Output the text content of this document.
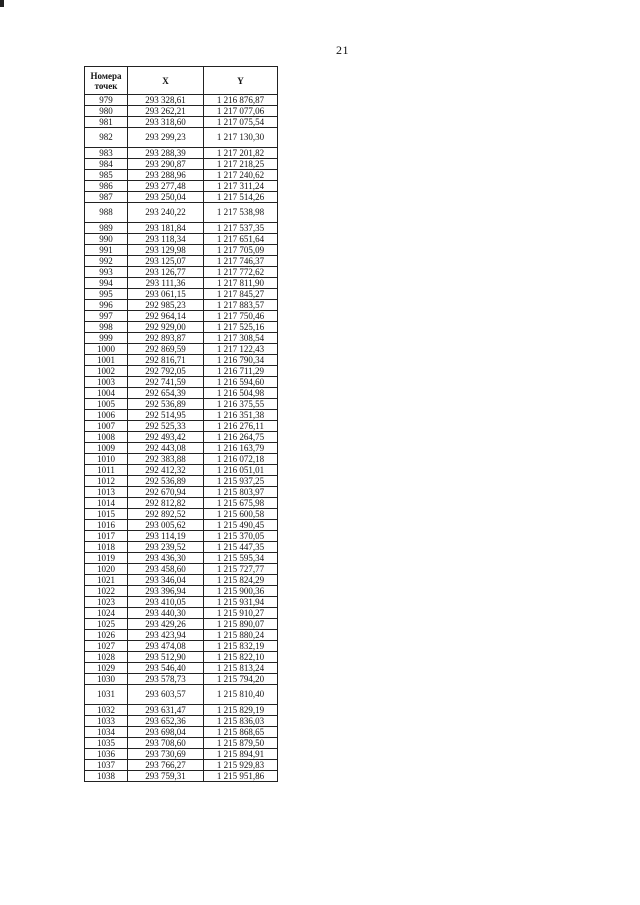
21
Номера точек	X	Y
979	293 328,61	1 216 876,87
980	293 262,21	1 217 077,06
981	293 318,60	1 217 075,54
982	293 299,23	1 217 130,30
983	293 288,39	1 217 201,82
984	293 290,87	1 217 218,25
985	293 288,96	1 217 240,62
986	293 277,48	1 217 311,24
987	293 250,04	1 217 514,26
988	293 240,22	1 217 538,98
989	293 181,84	1 217 537,35
990	293 118,34	1 217 651,64
991	293 129,98	1 217 705,09
992	293 125,07	1 217 746,37
993	293 126,77	1 217 772,62
994	293 111,36	1 217 811,90
995	293 061,15	1 217 845,27
996	292 985,23	1 217 883,57
997	292 964,14	1 217 750,46
998	292 929,00	1 217 525,16
999	292 893,87	1 217 308,54
1000	292 869,59	1 217 122,43
1001	292 816,71	1 216 790,34
1002	292 792,05	1 216 711,29
1003	292 741,59	1 216 594,60
1004	292 654,39	1 216 504,98
1005	292 536,89	1 216 375,55
1006	292 514,95	1 216 351,38
1007	292 525,33	1 216 276,11
1008	292 493,42	1 216 264,75
1009	292 443,08	1 216 163,79
1010	292 383,88	1 216 072,18
1011	292 412,32	1 216 051,01
1012	292 536,89	1 215 937,25
1013	292 670,94	1 215 803,97
1014	292 812,82	1 215 675,98
1015	292 892,52	1 215 600,58
1016	293 005,62	1 215 490,45
1017	293 114,19	1 215 370,05
1018	293 239,52	1 215 447,35
1019	293 436,30	1 215 595,34
1020	293 458,60	1 215 727,77
1021	293 346,04	1 215 824,29
1022	293 396,94	1 215 900,36
1023	293 410,05	1 215 931,94
1024	293 440,30	1 215 910,27
1025	293 429,26	1 215 890,07
1026	293 423,94	1 215 880,24
1027	293 474,08	1 215 832,19
1028	293 512,90	1 215 822,10
1029	293 546,40	1 215 813,24
1030	293 578,73	1 215 794,20
1031	293 603,57	1 215 810,40
1032	293 631,47	1 215 829,19
1033	293 652,36	1 215 836,03
1034	293 698,04	1 215 868,65
1035	293 708,60	1 215 879,50
1036	293 730,69	1 215 894,91
1037	293 766,27	1 215 929,83
1038	293 759,31	1 215 951,86
